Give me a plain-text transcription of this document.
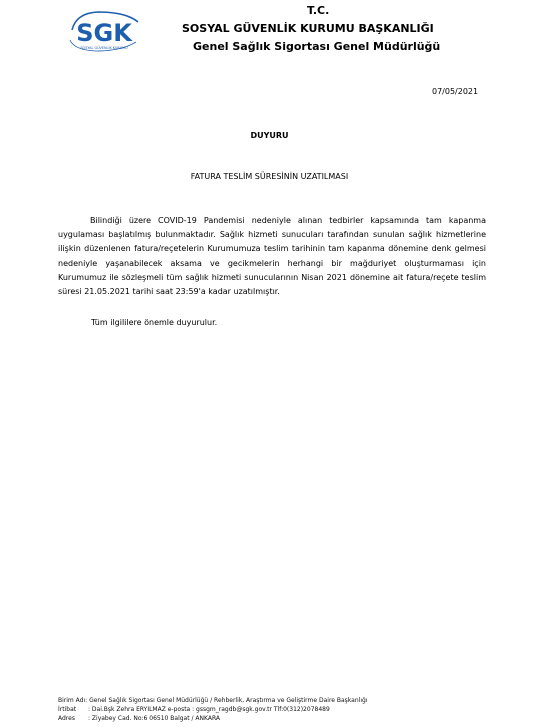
SGK
SOSYAL GÜVENLİK KURUMU
T.C.
SOSYAL GÜVENLİK KURUMU BAŞKANLIĞI
Genel Sağlık Sigortası Genel Müdürlüğü
07/05/2021
DUYURU
FATURA TESLİM SÜRESİNİN UZATILMASI

Bilindiği üzere COVID-19 Pandemisi nedeniyle alınan tedbirler kapsamında tam kapanma uygulaması başlatılmış bulunmaktadır. Sağlık hizmeti sunucuları tarafından sunulan sağlık hizmetlerine ilişkin düzenlenen fatura/reçetelerin Kurumumuza teslim tarihinin tam kapanma dönemine denk gelmesi nedeniyle yaşanabilecek aksama ve gecikmelerin herhangi bir mağduriyet oluşturmaması için Kurumumuz ile sözleşmeli tüm sağlık hizmeti sunucularının Nisan 2021 dönemine ait fatura/reçete teslim süresi 21.05.2021 tarihi saat 23:59'a kadar uzatılmıştır.

Tüm ilgililere önemle duyurulur.
Birim Adı: Genel Sağlık Sigortası Genel Müdürlüğü / Rehberlik, Araştırma ve Geliştirme Daire Başkanlığı
İrtibat : Dai.Bşk Zehra ERYILMAZ e-posta : gssgm_ragdb@sgk.gov.tr Tlf:0(312)2078489
Adres : Ziyabey Cad. No:6 06510 Balgat / ANKARA
